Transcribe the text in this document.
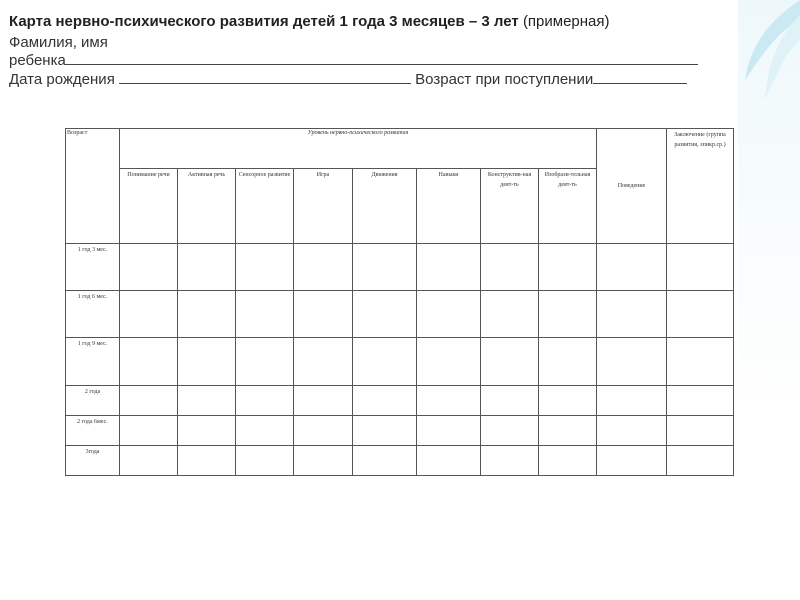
Карта нервно-психического развития детей 1 года 3 месяцев – 3 лет (примерная)
Фамилия, имя
ребенка
Дата рождения	Возраст при поступлении
Возраст	Уровень нервно-психического развития								Поведение	Заключение (группа развития, эпикр.ср.)
	Понимание речи	Активная речь	Сенсорное развитие	Игра	Движения	Навыки	Конструктив-ная деят-ть	Изобрази-тельная деят-ть		
1 год 3 мес.										
1 год 6 мес.										
1 год 9 мес.										
2 года										
2 года 6мес.										
3года										
